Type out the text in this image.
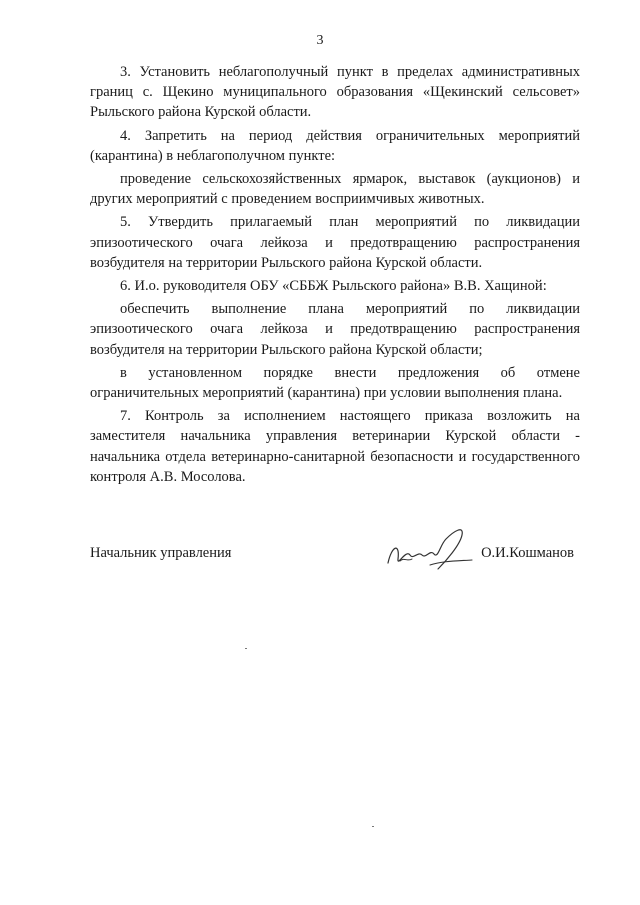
3

3. Установить неблагополучный пункт в пределах административных границ с. Щекино муниципального образования «Щекинский сельсовет» Рыльского района Курской области.

4. Запретить на период действия ограничительных мероприятий (карантина) в неблагополучном пункте:

проведение сельскохозяйственных ярмарок, выставок (аукционов) и других мероприятий с проведением восприимчивых животных.

5. Утвердить прилагаемый план мероприятий по ликвидации эпизоотического очага лейкоза и предотвращению распространения возбудителя на территории Рыльского района Курской области.

6. И.о. руководителя ОБУ «СББЖ Рыльского района» В.В. Хащиной:

обеспечить выполнение плана мероприятий по ликвидации эпизоотического очага лейкоза и предотвращению распространения возбудителя на территории Рыльского района Курской области;

в установленном порядке внести предложения об отмене ограничительных мероприятий (карантина) при условии выполнения плана.

7. Контроль за исполнением настоящего приказа возложить на заместителя начальника управления ветеринарии Курской области - начальника отдела ветеринарно-санитарной безопасности и государственного контроля А.В. Мосолова.

Начальник управления	О.И.Кошманов
